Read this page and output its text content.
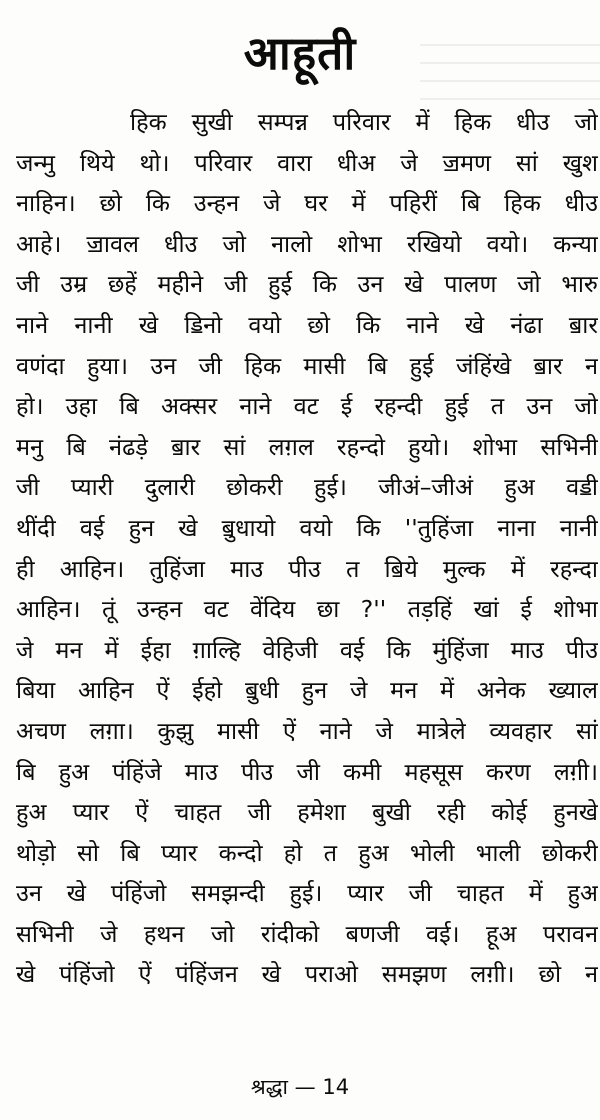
आहूती
हिक सुखी सम्पन्न परिवार में हिक धीउ जो
जन्मु थिये थो। परिवार वारा धीअ जे ॼमण सां खुश
नाहिन। छो कि उन्हन जे घर में पहिरीं बि हिक धीउ
आहे। ॼावल धीउ जो नालो शोभा रखियो वयो। कन्या
जी उम्र छहें महीने जी हुई कि उन खे पालण जो भारु
नाने नानी खे ॾिनो वयो छो कि नाने खे नंढा ॿार
वणंदा हुया। उन जी हिक मासी बि हुई जंहिंखे ॿार न
हो। उहा बि अक्सर नाने वट ई रहन्दी हुई त उन जो
मनु बि नंढड़े ॿार सां लग़ल रहन्दो हुयो। शोभा सभिनी
जी प्यारी दुलारी छोकरी हुई। जीअं–जीअं हुअ वॾी
थींदी वई हुन खे ॿुधायो वयो कि ''तुहिंजा नाना नानी
ही आहिन। तुहिंजा माउ पीउ त ॿिये मुल्क में रहन्दा
आहिन। तूं उन्हन वट वेंदिय छा ?'' तड़हिं खां ई शोभा
जे मन में ईहा ग़ाल्हि वेहिजी वई कि मुंहिंजा माउ पीउ
बिया आहिन ऐं ईहो ॿुधी हुन जे मन में अनेक ख्याल
अचण लग़ा। कुझु मासी ऐं नाने जे मात्रेले व्यवहार सां
बि हुअ पंहिंजे माउ पीउ जी कमी महसूस करण लग़ी।
हुअ प्यार ऐं चाहत जी हमेशा बुखी रही कोई हुनखे
थोड़ो सो बि प्यार कन्दो हो त हुअ भोली भाली छोकरी
उन खे पंहिंजो समझन्दी हुई। प्यार जी चाहत में हुअ
सभिनी जे हथन जो रांदीको बणजी वई। हूअ परावन
खे पंहिंजो ऐं पंहिंजन खे पराओ समझण लग़ी। छो न
श्रद्धा — 14
